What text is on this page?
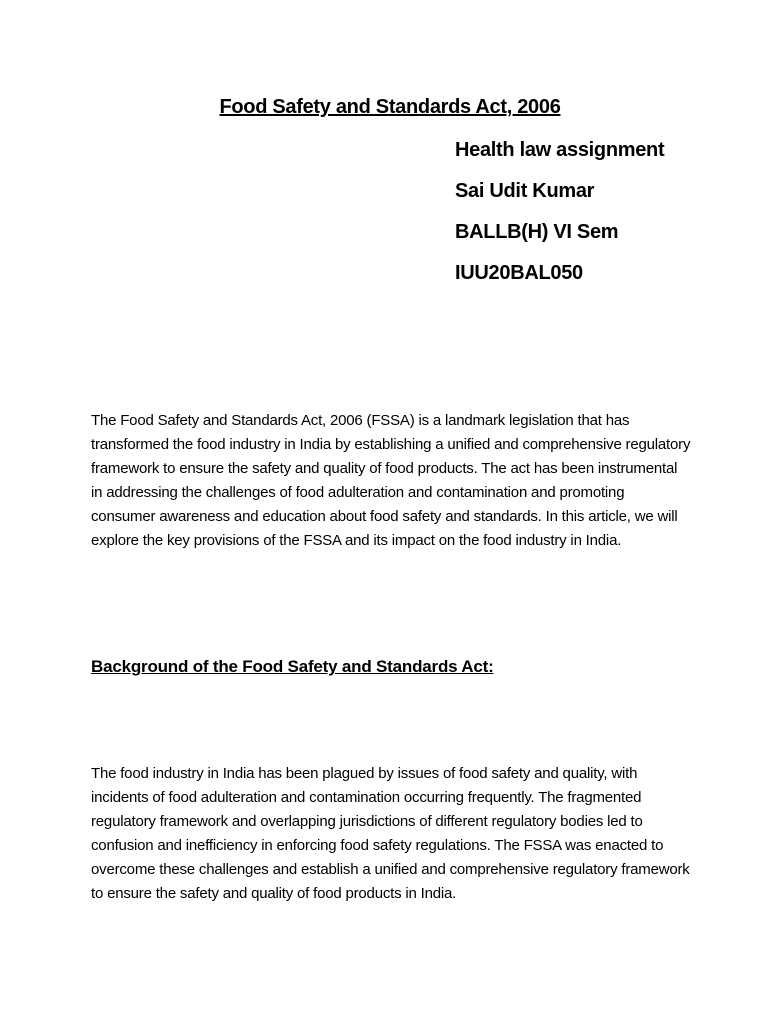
Food Safety and Standards Act, 2006
Health law assignment
Sai Udit Kumar
BALLB(H) VI Sem
IUU20BAL050

The Food Safety and Standards Act, 2006 (FSSA) is a landmark legislation that has transformed the food industry in India by establishing a unified and comprehensive regulatory framework to ensure the safety and quality of food products. The act has been instrumental in addressing the challenges of food adulteration and contamination and promoting consumer awareness and education about food safety and standards. In this article, we will explore the key provisions of the FSSA and its impact on the food industry in India.

Background of the Food Safety and Standards Act:

The food industry in India has been plagued by issues of food safety and quality, with incidents of food adulteration and contamination occurring frequently. The fragmented regulatory framework and overlapping jurisdictions of different regulatory bodies led to confusion and inefficiency in enforcing food safety regulations. The FSSA was enacted to overcome these challenges and establish a unified and comprehensive regulatory framework to ensure the safety and quality of food products in India.
